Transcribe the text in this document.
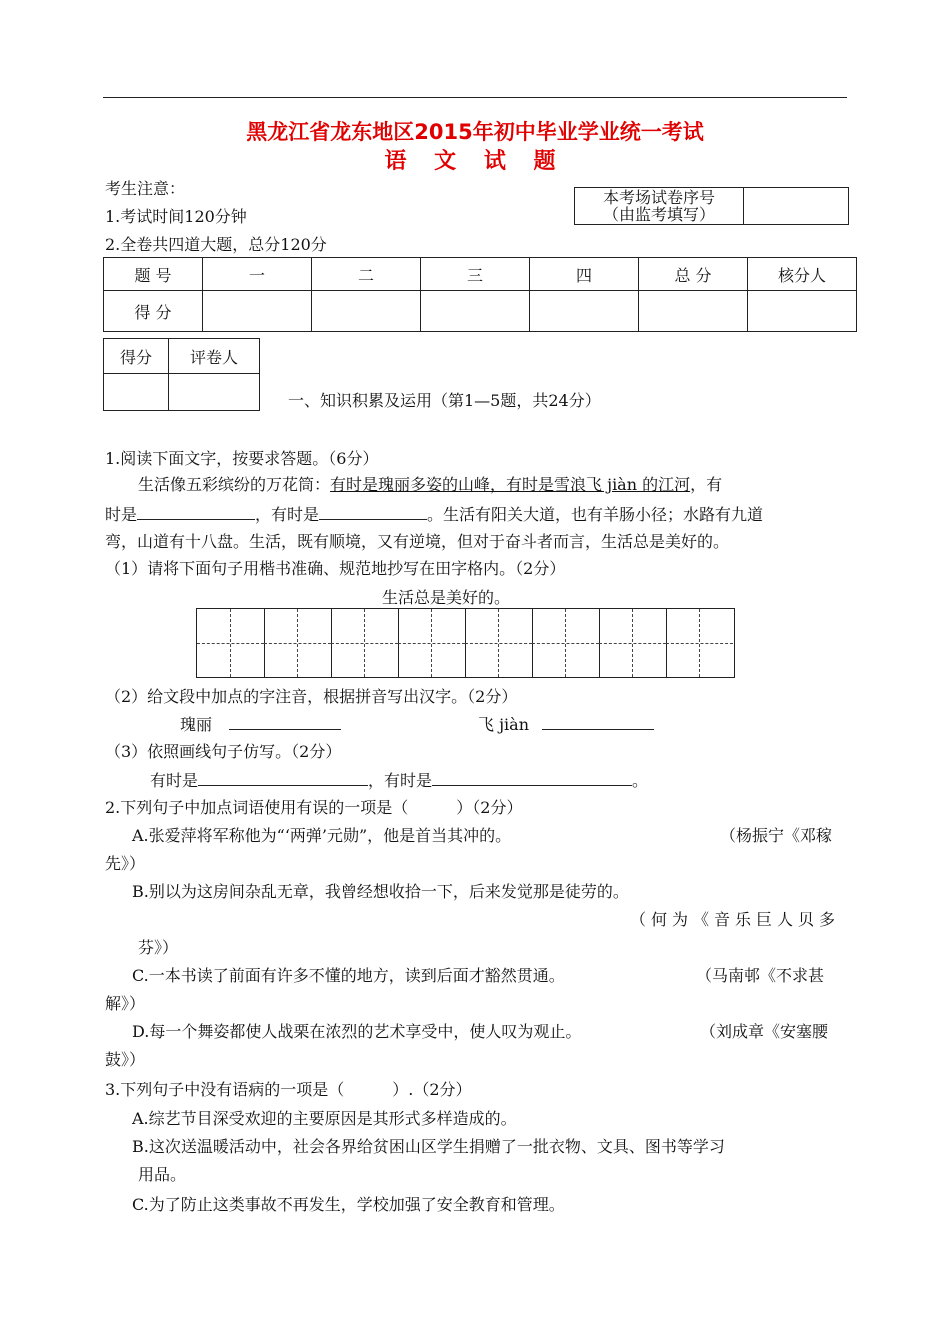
黑龙江省龙东地区2015年初中毕业学业统一考试
语 文 试 题
考生注意：
1.考试时间120分钟
2.全卷共四道大题，总分120分
本考场试卷序号
（由监考填写）

题 号	一	二	三	四	总 分	核分人
得 分						
得分	评卷人

一、知识积累及运用（第1—5题，共24分）
1.阅读下面文字，按要求答题。（6分）
生活像五彩缤纷的万花筒：有时是瑰丽多姿的山峰，有时是雪浪飞 jiàn 的江河，有
时是	，有时是	。生活有阳关大道，也有羊肠小径；水路有九道
弯，山道有十八盘。生活，既有顺境，又有逆境，但对于奋斗者而言，生活总是美好的。
（1）请将下面句子用楷书准确、规范地抄写在田字格内。（2分）
生活总是美好的。
（2）给文段中加点的字注音，根据拼音写出汉字。（2分）
瑰丽	飞 jiàn
（3）依照画线句子仿写。（2分）
有时是	，有时是	。
2.下列句子中加点词语使用有误的一项是（　　　）（2分）
A.张爱萍将军称他为“‘两弹’元勋”，他是首当其冲的。	（杨振宁《邓稼
先》）
B.别以为这房间杂乱无章，我曾经想收拾一下，后来发觉那是徒劳的。
（何为《音乐巨人贝多
芬》）
C.一本书读了前面有许多不懂的地方，读到后面才豁然贯通。	（马南邨《不求甚
解》）
D.每一个舞姿都使人战栗在浓烈的艺术享受中，使人叹为观止。	（刘成章《安塞腰
鼓》）
3.下列句子中没有语病的一项是（　　　）.（2分）
A.综艺节目深受欢迎的主要原因是其形式多样造成的。
B.这次送温暖活动中，社会各界给贫困山区学生捐赠了一批衣物、文具、图书等学习
用品。
C.为了防止这类事故不再发生，学校加强了安全教育和管理。
